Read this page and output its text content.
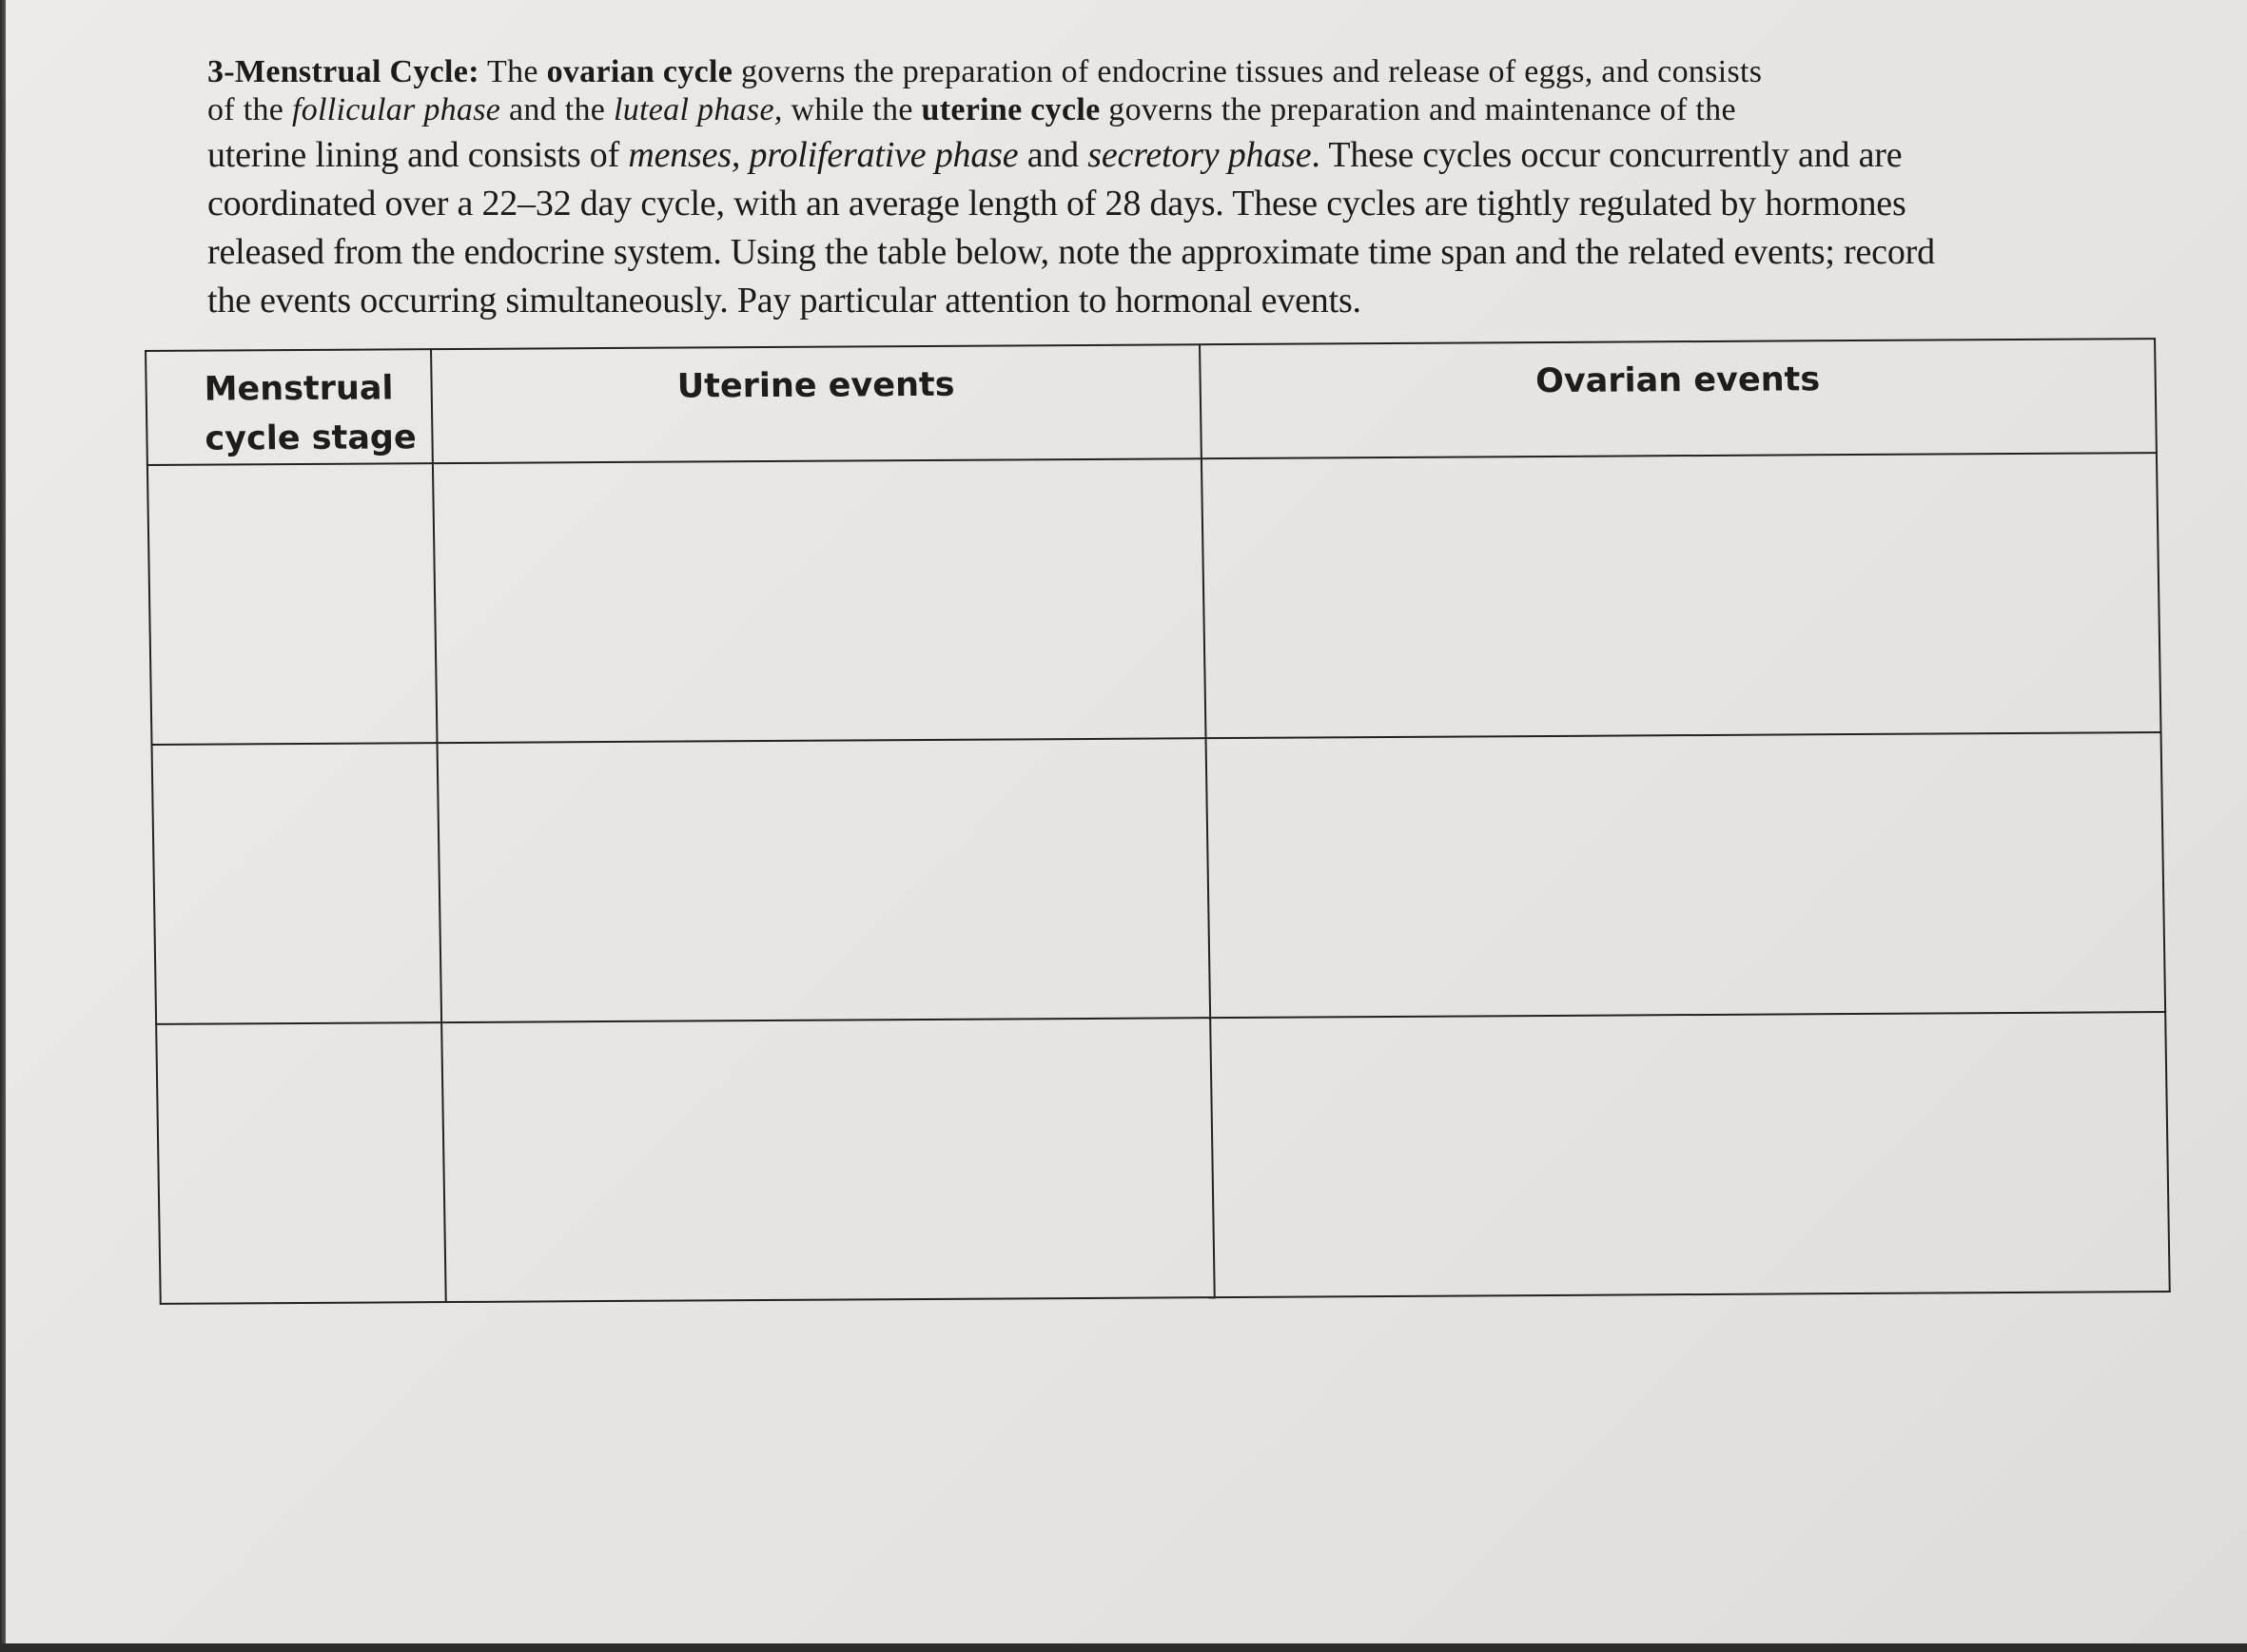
3-Menstrual Cycle: The ovarian cycle governs the preparation of endocrine tissues and release of eggs, and consists
of the follicular phase and the luteal phase, while the uterine cycle governs the preparation and maintenance of the
uterine lining and consists of menses, proliferative phase and secretory phase. These cycles occur concurrently and are
coordinated over a 22–32 day cycle, with an average length of 28 days. These cycles are tightly regulated by hormones
released from the endocrine system. Using the table below, note the approximate time span and the related events; record
the events occurring simultaneously. Pay particular attention to hormonal events.
Menstrual
cycle stage	Uterine events	Ovarian events
